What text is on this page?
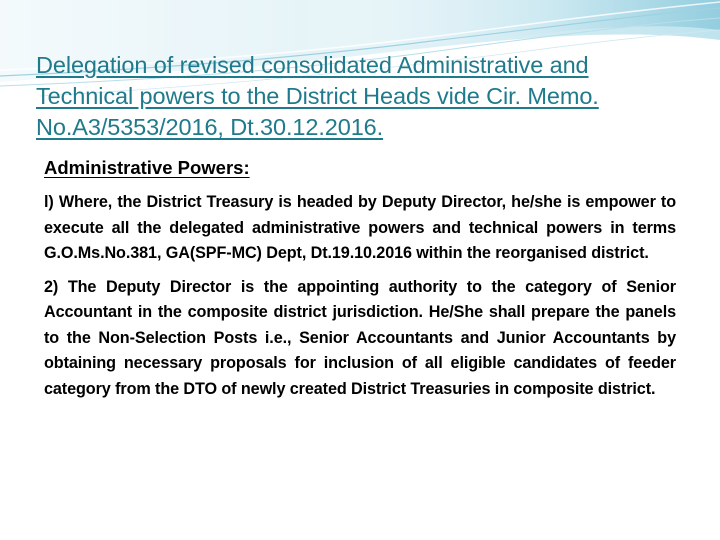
Delegation of revised consolidated Administrative and Technical powers to the District Heads vide Cir. Memo. No.A3/5353/2016, Dt.30.12.2016.

Administrative Powers:

l) Where, the District Treasury is headed by Deputy Director, he/she is empower to execute all the delegated administrative powers and technical powers in terms G.O.Ms.No.381, GA(SPF-MC) Dept, Dt.19.10.2016 within the reorganised district.

2) The Deputy Director is the appointing authority to the category of Senior Accountant in the composite district jurisdiction. He/She shall prepare the panels to the Non-Selection Posts i.e., Senior Accountants and Junior Accountants by obtaining necessary proposals for inclusion of all eligible candidates of feeder category from the DTO of newly created District Treasuries in composite district.
